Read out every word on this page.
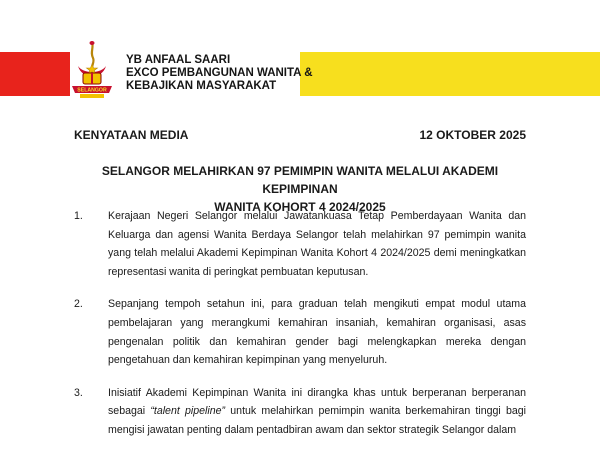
SELANGOR
YB ANFAAL SAARI
EXCO PEMBANGUNAN WANITA &
KEBAJIKAN MASYARAKAT
KENYATAAN MEDIA	12 OKTOBER 2025
SELANGOR MELAHIRKAN 97 PEMIMPIN WANITA MELALUI AKADEMI KEPIMPINAN
WANITA KOHORT 4 2024/2025
1. Kerajaan Negeri Selangor melalui Jawatankuasa Tetap Pemberdayaan Wanita dan Keluarga dan agensi Wanita Berdaya Selangor telah melahirkan 97 pemimpin wanita yang telah melalui Akademi Kepimpinan Wanita Kohort 4 2024/2025 demi meningkatkan representasi wanita di peringkat pembuatan keputusan.
2. Sepanjang tempoh setahun ini, para graduan telah mengikuti empat modul utama pembelajaran yang merangkumi kemahiran insaniah, kemahiran organisasi, asas pengenalan politik dan kemahiran gender bagi melengkapkan mereka dengan pengetahuan dan kemahiran kepimpinan yang menyeluruh.
3. Inisiatif Akademi Kepimpinan Wanita ini dirangka khas untuk berperanan berperanan sebagai “talent pipeline” untuk melahirkan pemimpin wanita berkemahiran tinggi bagi mengisi jawatan penting dalam pentadbiran awam dan sektor strategik Selangor dalam
